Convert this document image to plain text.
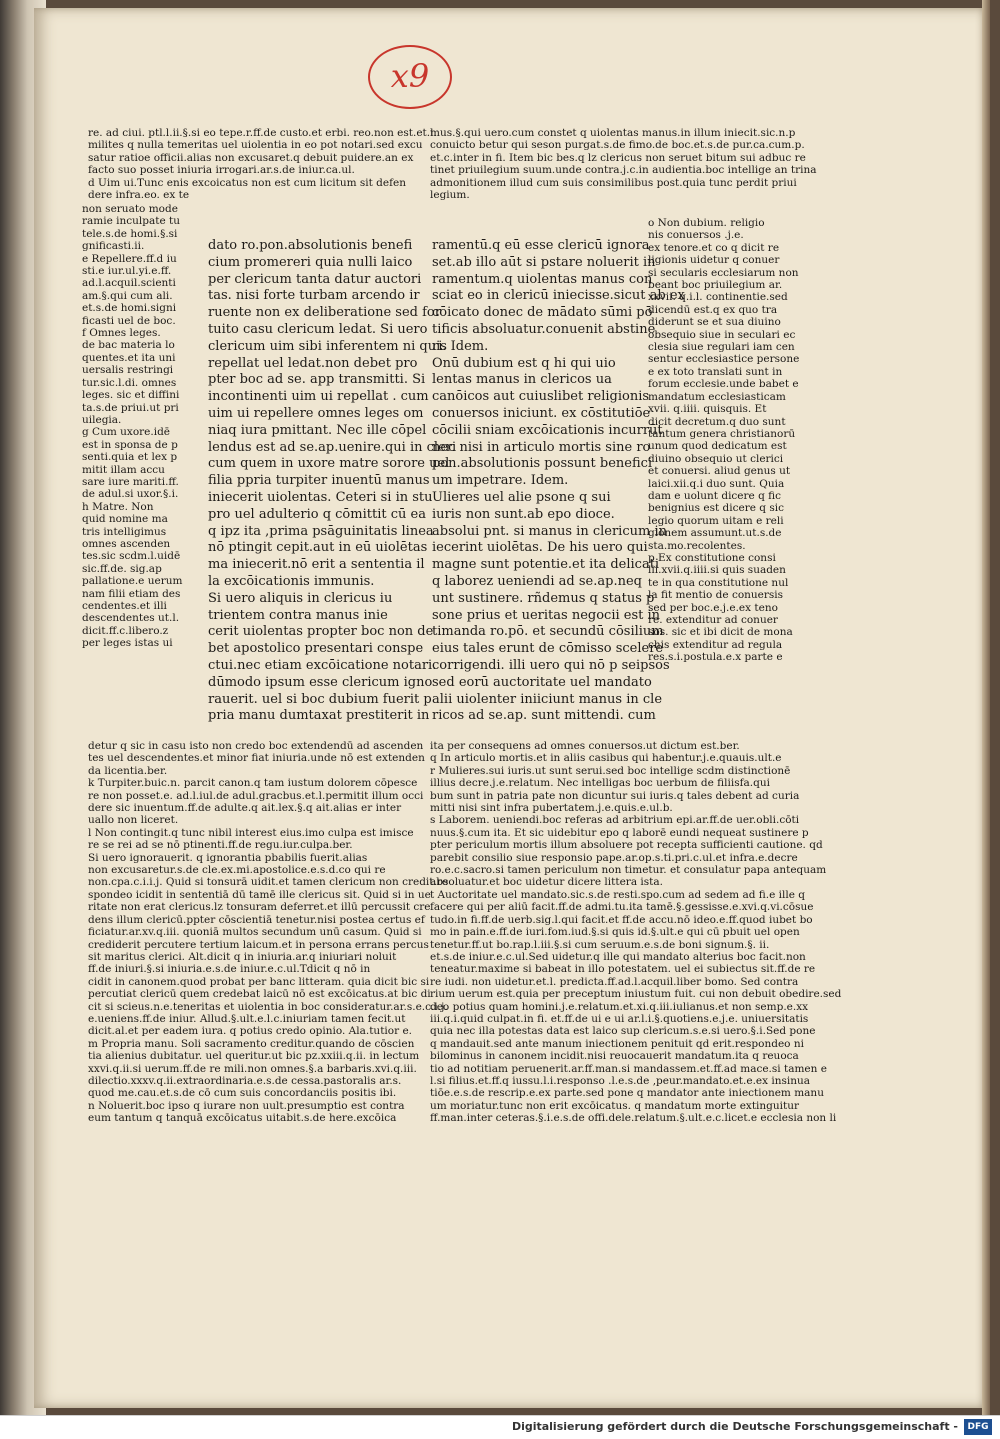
x9

re. ad ciui. ptl.l.ii.§.si eo tepe.r.ff.de custo.et erbi. reo.non est.et.l.

milites q nulla temeritas uel uiolentia in eo pot notari.sed excu

satur ratioe officii.alias non excusaret.q debuit puidere.an ex

facto suo posset iniuria irrogari.ar.s.de iniur.ca.ul.

d Uim ui.Tunc enis excoicatus non est cum licitum sit defen

dere infra.eo. ex te

mus.§.qui uero.cum constet q uiolentas manus.in illum iniecit.sic.n.p

conuicto betur qui seson purgat.s.de fimo.de boc.et.s.de pur.ca.cum.p.

et.c.inter in fi. Item bic bes.q lz clericus non seruet bitum sui adbuc re

tinet priuilegium suum.unde contra.j.c.in audientia.boc intellige an trina

admonitionem illud cum suis consimilibus post.quia tunc perdit priui

legium.

non seruato mode

ramie inculpate tu

tele.s.de homi.§.si

gnificasti.ii.

e Repellere.ff.d iu

sti.e iur.ul.yi.e.ff.

ad.l.acquil.scienti

am.§.qui cum ali.

et.s.de homi.signi

ficasti uel de boc.

f Omnes leges.

de bac materia lo

quentes.et ita uni

uersalis restringi

tur.sic.l.di. omnes

leges. sic et diffini

ta.s.de priui.ut pri

uilegia.

g Cum uxore.idē

est in sponsa de p

senti.quia et lex p

mitit illam accu

sare iure mariti.ff.

de adul.si uxor.§.i.

h Matre. Non

quid nomine ma

tris intelligimus

omnes ascenden

tes.sic scdm.l.uidē

sic.ff.de. sig.ap

pallatione.e uerum

nam filii etiam des

cendentes.et illi

descendentes ut.l.

dicit.ff.c.libero.z

per leges istas ui

dato ro.pon.absolutionis benefi

cium promereri quia nulli laico

per clericum tanta datur auctori

tas. nisi forte turbam arcendo ir

ruente non ex deliberatione sed for

tuito casu clericum ledat. Si uero

clericum uim sibi inferentem ni quis

repellat uel ledat.non debet pro

pter boc ad se. app transmitti. Si

incontinenti uim ui repellat . cum

uim ui repellere omnes leges om

niaq iura pmittant. Nec ille cōpel

lendus est ad se.ap.uenire.qui in cleri

cum quem in uxore matre sorore uel

filia ppria turpiter inuentū manus

iniecerit uiolentas. Ceteri si in stu

pro uel adulterio q cōmittit cū ea

q ipz ita ,prima psāguinitatis linea

nō ptingit cepit.aut in eū uiolētas

ma iniecerit.nō erit a sententia il

la excōicationis immunis.

Si uero aliquis in clericus iu

trientem contra manus inie

cerit uiolentas propter boc non de

bet apostolico presentari conspe

ctui.nec etiam excōicatione notari.

dūmodo ipsum esse clericum igno

rauerit. uel si boc dubium fuerit p

pria manu dumtaxat prestiterit in

ramentū.q eū esse clericū ignora

set.ab illo aūt si pstare noluerit in

ramentum.q uiolentas manus con

sciat eo in clericū iniecisse.sicut ab ex

cōicato donec de mādato sūmi pō

tificis absoluatur.conuenit abstine

ri. Idem.

Onū dubium est q hi qui uio

lentas manus in clericos ua

canōicos aut cuiuslibet religionis

conuersos iniciunt. ex cōstitutiōe

cōcilii sniam excōicationis incurrūt

nec nisi in articulo mortis sine ro

pon.absolutionis possunt benefici

um impetrare. Idem.

Ulieres uel alie psone q sui

iuris non sunt.ab epo dioce.

absolui pnt. si manus in clericum in

iecerint uiolētas. De his uero qui

magne sunt potentie.et ita delicati

q laborez ueniendi ad se.ap.neq

unt sustinere. rñdemus q status p

sone prius et ueritas negocii est in

timanda ro.pō. et secundū cōsilium

eius tales erunt de cōmisso scelere

corrigendi. illi uero qui nō p seipsos

sed eorū auctoritate uel mandato

alii uiolenter iniiciunt manus in cle

ricos ad se.ap. sunt mittendi. cum

o Non dubium. religio

nis conuersos .j.e.

ex tenore.et co q dicit re

ligionis uidetur q conuer

si secularis ecclesiarum non

beant boc priuilegium ar.

xxvii. q.i.l. continentie.sed

dicendū est.q ex quo tra

diderunt se et sua diuino

obsequio siue in seculari ec

clesia siue regulari iam cen

sentur ecclesiastice persone

e ex toto translati sunt in

forum ecclesie.unde babet e

mandatum ecclesiasticam

xvii. q.iiii. quisquis. Et

dicit decretum.q duo sunt

tantum genera christianorū

unum quod dedicatum est

diuino obsequio ut clerici

et conuersi. aliud genus ut

laici.xii.q.i duo sunt. Quia

dam e uolunt dicere q fic

benignius est dicere q sic

legio quorum uitam e reli

gionem assumunt.ut.s.de

sta.mo.recolentes.

p Ex constitutione consi

lii.xvii.q.iiii.si quis suaden

te in qua constitutione nul

la fit mentio de conuersis

sed per boc.e.j.e.ex teno

re. extenditur ad conuer

sos. sic et ibi dicit de mona

chis extenditur ad regula

res.s.i.postula.e.x parte e

detur q sic in casu isto non credo boc extendendū ad ascenden

tes uel descendentes.et minor fiat iniuria.unde nō est extenden

da licentia.ber.

k Turpiter.buic.n. parcit canon.q tam iustum dolorem cōpesce

re non posset.e. ad.l.iul.de adul.gracbus.et.l.permitit illum occi

dere sic inuentum.ff.de adulte.q ait.lex.§.q ait.alias er inter

uallo non liceret.

l Non contingit.q tunc nibil interest eius.imo culpa est imisce

re se rei ad se nō ptinenti.ff.de regu.iur.culpa.ber.

Si uero ignorauerit. q ignorantia pbabilis fuerit.alias

non excusaretur.s.de cle.ex.mi.apostolice.e.s.d.co qui re

non.cpa.c.i.i.j. Quid si tonsurā uidit.et tamen clericum non credit.re

spondeo icidit in sententiā dū tamē ille clericus sit. Quid si in ue

ritate non erat clericus.lz tonsuram deferret.et illū percussit cre

dens illum clericū.ppter cōscientiā tenetur.nisi postea certus ef

ficiatur.ar.xv.q.iii. quoniā multos secundum unū casum. Quid si

crediderit percutere tertium laicum.et in persona errans percus

sit maritus clerici. Alt.dicit q in iniuria.ar.q iniuriari noluit

ff.de iniuri.§.si iniuria.e.s.de iniur.e.c.ul.Tdicit q nō in

cidit in canonem.quod probat per banc litteram. quia dicit bic si

percutiat clericū quem credebat laicū nō est excōicatus.at bic di

cit si scieus.n.e.teneritas et uiolentia in boc consideratur.ar.s.e.c.i.j.

e.ueniens.ff.de iniur. Allud.§.ult.e.l.c.iniuriam tamen fecit.ut

dicit.al.et per eadem iura. q potius credo opinio. Ala.tutior e.

m Propria manu. Soli sacramento creditur.quando de cōscien

tia alienius dubitatur. uel queritur.ut bic pz.xxiii.q.ii. in lectum

xxvi.q.ii.si uerum.ff.de re mili.non omnes.§.a barbaris.xvi.q.iii.

dilectio.xxxv.q.ii.extraordinaria.e.s.de cessa.pastoralis ar.s.

quod me.cau.et.s.de cō cum suis concordanciis positis ibi.

n Noluerit.boc ipso q iurare non uult.presumptio est contra

eum tantum q tanquā excōicatus uitabit.s.de here.excōica

ita per consequens ad omnes conuersos.ut dictum est.ber.

q In articulo mortis.et in aliis casibus qui habentur.j.e.quauis.ult.e

r Mulieres.sui iuris.ut sunt serui.sed boc intellige scdm distinctionē

illius decre.j.e.relatum. Nec intelligas boc uerbum de filiisfa.qui

bum sunt in patria pate non dicuntur sui iuris.q tales debent ad curia

mitti nisi sint infra pubertatem.j.e.quis.e.ul.b.

s Laborem. ueniendi.boc referas ad arbitrium epi.ar.ff.de uer.obli.cōti

nuus.§.cum ita. Et sic uidebitur epo q laborē eundi nequeat sustinere p

pter periculum mortis illum absoluere pot recepta sufficienti cautione. qd

parebit consilio siue responsio pape.ar.op.s.ti.pri.c.ul.et infra.e.decre

ro.e.c.sacro.si tamen periculum non timetur. et consulatur papa antequam

absoluatur.et boc uidetur dicere littera ista.

t Auctoritate uel mandato.sic.s.de resti.spo.cum ad sedem ad fi.e ille q

facere qui per aliū facit.ff.de admi.tu.ita tamē.§.gessisse.e.xvi.q.vi.cōsue

tudo.in fi.ff.de uerb.sig.l.qui facit.et ff.de accu.nō ideo.e.ff.quod iubet bo

mo in pain.e.ff.de iuri.fom.iud.§.si quis id.§.ult.e qui cū pbuit uel open

tenetur.ff.ut bo.rap.l.iii.§.si cum seruum.e.s.de boni signum.§. ii.

et.s.de iniur.e.c.ul.Sed uidetur.q ille qui mandato alterius boc facit.non

teneatur.maxime si babeat in illo potestatem. uel ei subiectus sit.ff.de re

re iudi. non uidetur.et.l. predicta.ff.ad.l.acquil.liber bomo. Sed contra

rium uerum est.quia per preceptum iniustum fuit. cui non debuit obedire.sed

deo potius quam homini.j.e.relatum.et.xi.q.iii.iulianus.et non semp.e.xx

iii.q.i.quid culpat.in fi. et.ff.de ui e ui ar.l.i.§.quotiens.e.j.e. uniuersitatis

quia nec illa potestas data est laico sup clericum.s.e.si uero.§.i.Sed pone

q mandauit.sed ante manum iniectionem penituit qd erit.respondeo ni

bilominus in canonem incidit.nisi reuocauerit mandatum.ita q reuoca

tio ad notitiam peruenerit.ar.ff.man.si mandassem.et.ff.ad mace.si tamen e

l.si filius.et.ff.q iussu.l.i.responso .l.e.s.de ,peur.mandato.et.e.ex insinua

tiōe.e.s.de rescrip.e.ex parte.sed pone q mandator ante iniectionem manu

um moriatur.tunc non erit excōicatus. q mandatum morte extinguitur

ff.man.inter ceteras.§.i.e.s.de offi.dele.relatum.§.ult.e.c.licet.e ecclesia non li

Digitalisierung gefördert durch die Deutsche Forschungsgemeinschaft -	DFG
